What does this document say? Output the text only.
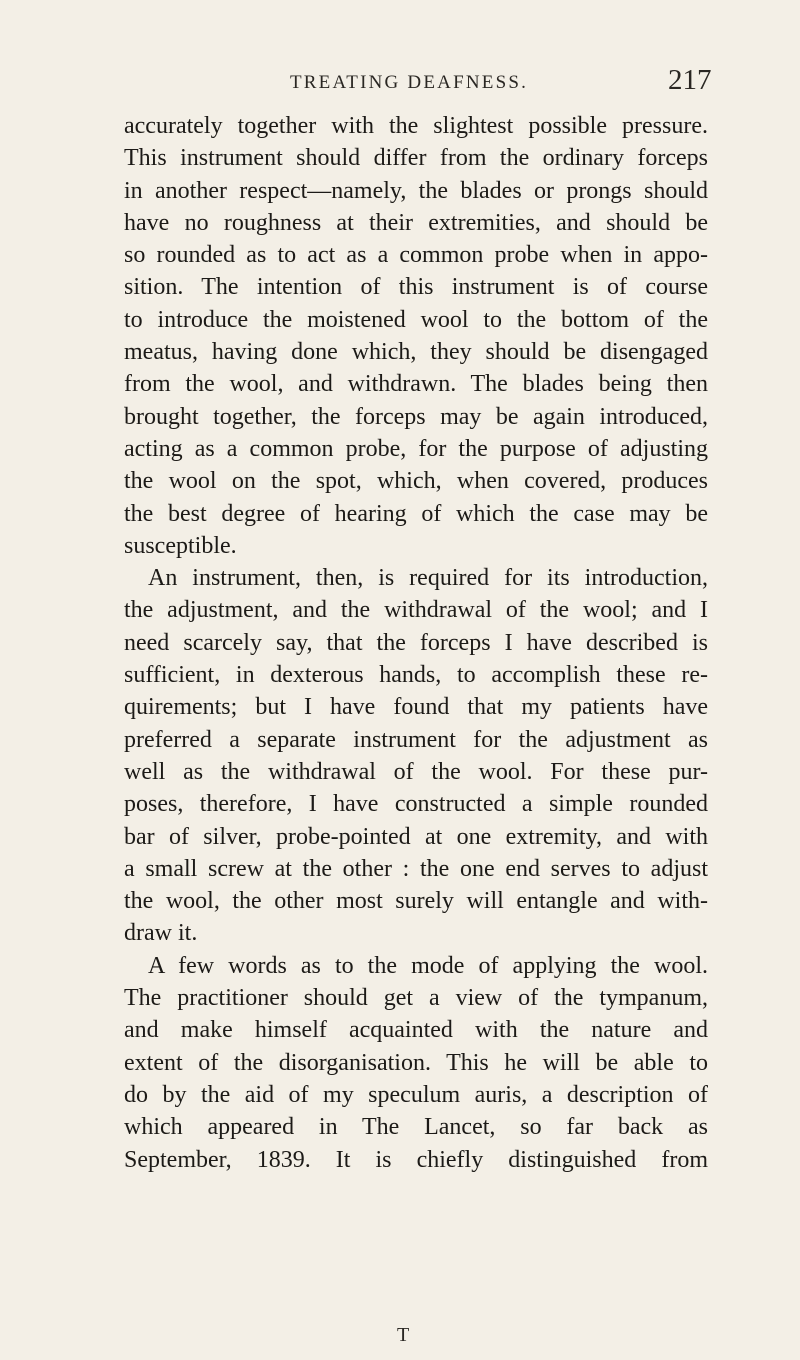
TREATING DEAFNESS.	217
accurately together with the slightest possible pressure.
This instrument should differ from the ordinary forceps
in another respect—namely, the blades or prongs should
have no roughness at their extremities, and should be
so rounded as to act as a common probe when in appo-
sition. The intention of this instrument is of course
to introduce the moistened wool to the bottom of the
meatus, having done which, they should be disengaged
from the wool, and withdrawn. The blades being then
brought together, the forceps may be again introduced,
acting as a common probe, for the purpose of adjusting
the wool on the spot, which, when covered, produces
the best degree of hearing of which the case may be
susceptible.
An instrument, then, is required for its introduction,
the adjustment, and the withdrawal of the wool; and I
need scarcely say, that the forceps I have described is
sufficient, in dexterous hands, to accomplish these re-
quirements; but I have found that my patients have
preferred a separate instrument for the adjustment as
well as the withdrawal of the wool. For these pur-
poses, therefore, I have constructed a simple rounded
bar of silver, probe-pointed at one extremity, and with
a small screw at the other : the one end serves to adjust
the wool, the other most surely will entangle and with-
draw it.
A few words as to the mode of applying the wool.
The practitioner should get a view of the tympanum,
and make himself acquainted with the nature and
extent of the disorganisation. This he will be able to
do by the aid of my speculum auris, a description of
which appeared in The Lancet, so far back as
September, 1839. It is chiefly distinguished from
T
